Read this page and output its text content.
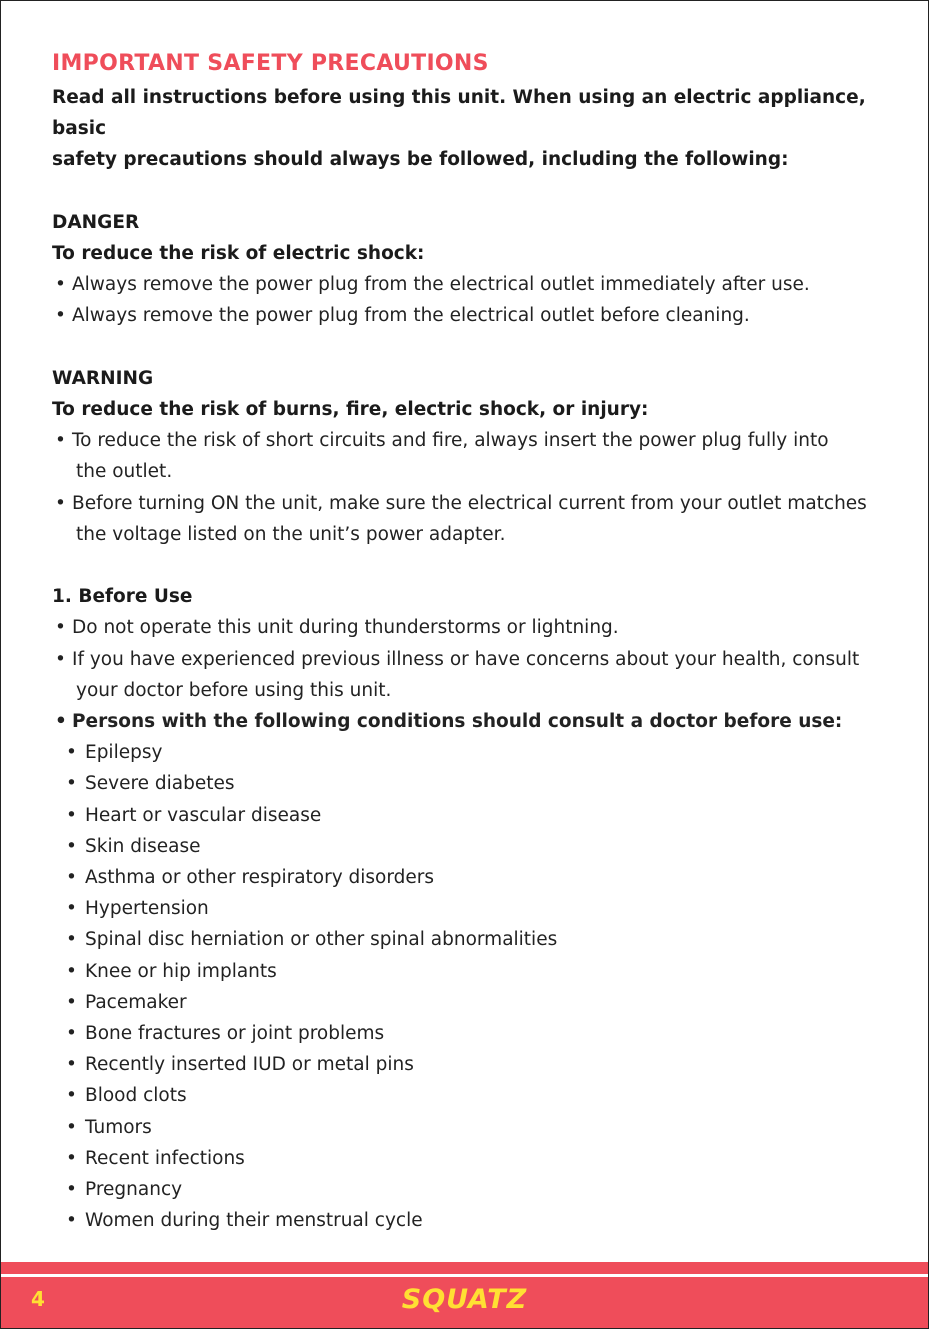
IMPORTANT SAFETY PRECAUTIONS
Read all instructions before using this unit. When using an electric appliance, basic
safety precautions should always be followed, including the following:
DANGER
To reduce the risk of electric shock:
• Always remove the power plug from the electrical outlet immediately after use.
• Always remove the power plug from the electrical outlet before cleaning.
WARNING
To reduce the risk of burns, fire, electric shock, or injury:
• To reduce the risk of short circuits and fire, always insert the power plug fully into
the outlet.
• Before turning ON the unit, make sure the electrical current from your outlet matches
the voltage listed on the unit’s power adapter.
1. Before Use
• Do not operate this unit during thunderstorms or lightning.
• If you have experienced previous illness or have concerns about your health, consult
your doctor before using this unit.
• Persons with the following conditions should consult a doctor before use:
• Epilepsy
• Severe diabetes
• Heart or vascular disease
• Skin disease
• Asthma or other respiratory disorders
• Hypertension
• Spinal disc herniation or other spinal abnormalities
• Knee or hip implants
• Pacemaker
• Bone fractures or joint problems
• Recently inserted IUD or metal pins
• Blood clots
• Tumors
• Recent infections
• Pregnancy
• Women during their menstrual cycle
4	SQUATZ
